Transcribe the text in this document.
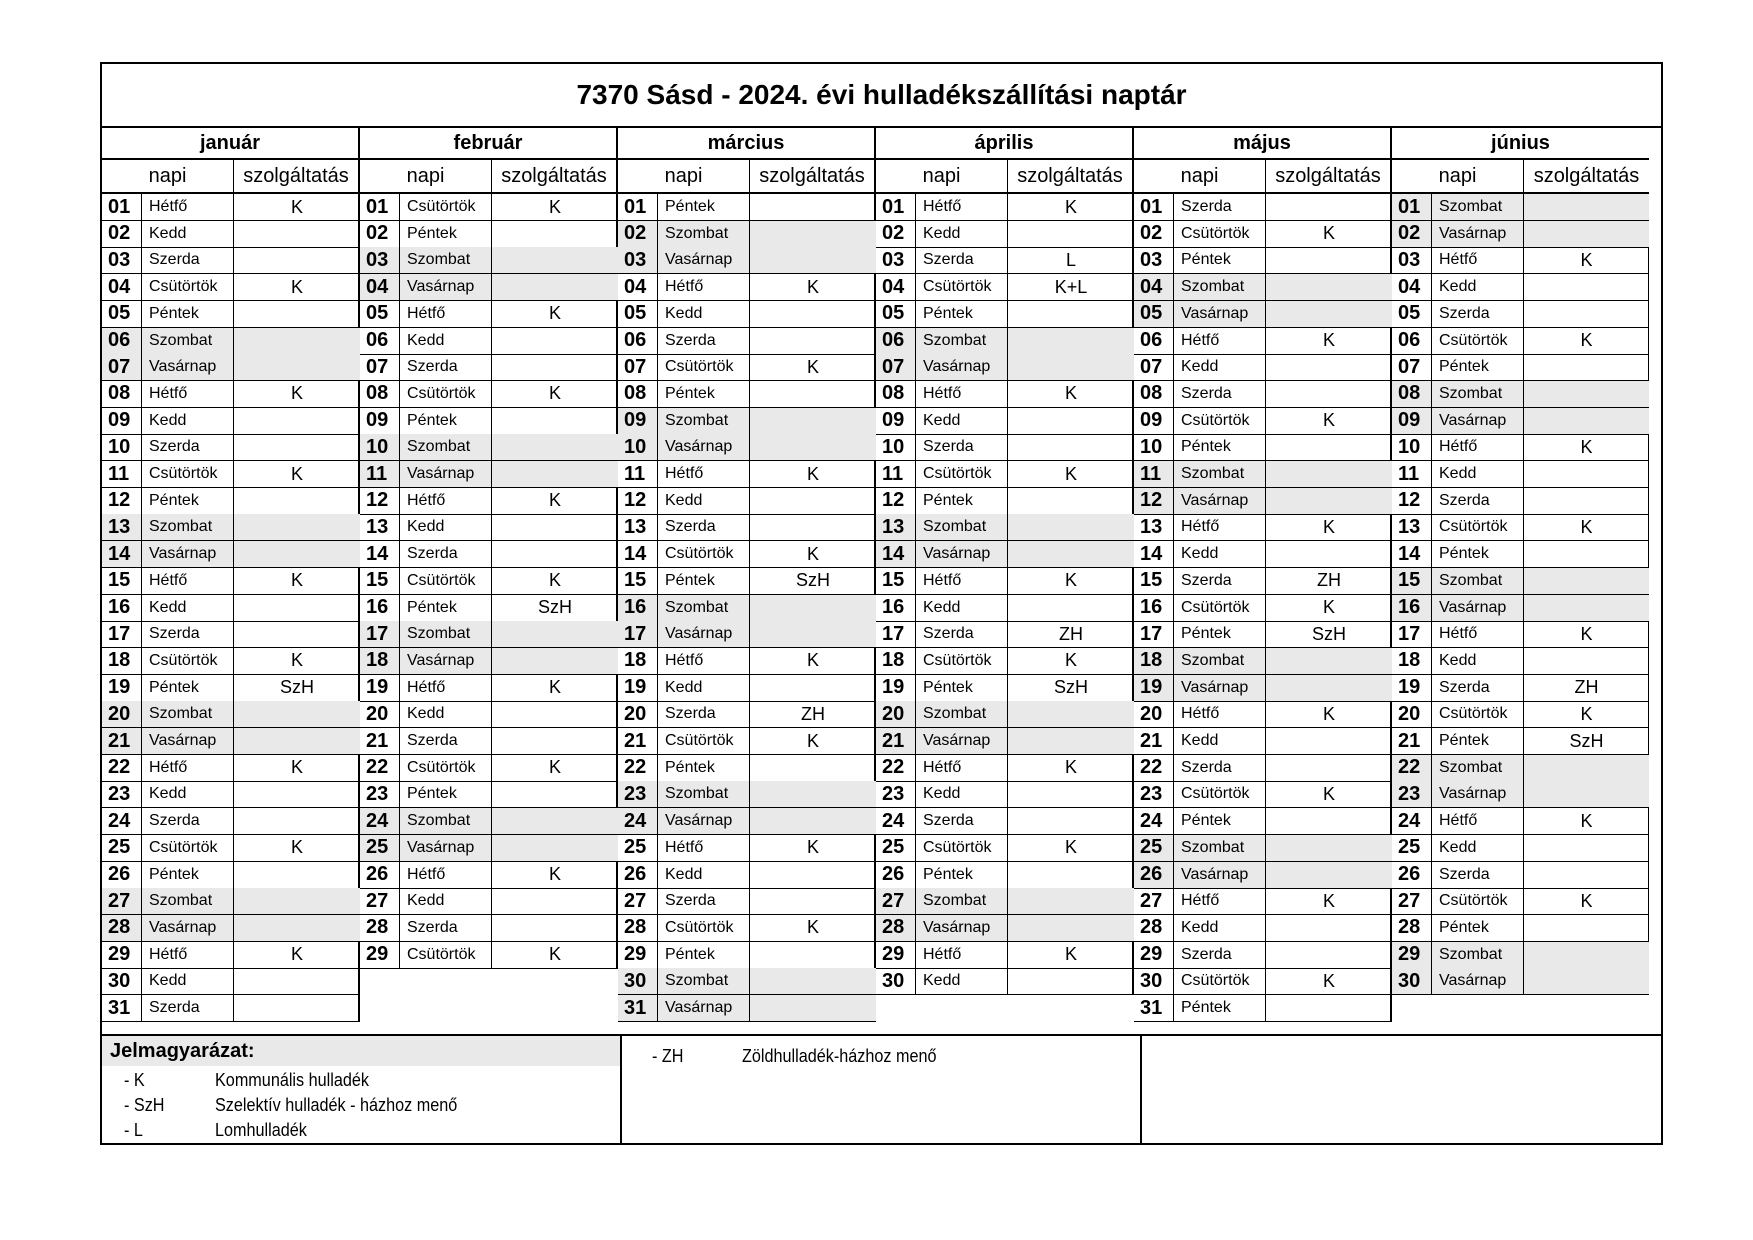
7370 Sásd - 2024. évi hulladékszállítási naptár
január
napi	szolgáltatás
01	Hétfő	K
02	Kedd
03	Szerda
04	Csütörtök	K
05	Péntek
06	Szombat
07	Vasárnap
08	Hétfő	K
09	Kedd
10	Szerda
11	Csütörtök	K
12	Péntek
13	Szombat
14	Vasárnap
15	Hétfő	K
16	Kedd
17	Szerda
18	Csütörtök	K
19	Péntek	SzH
20	Szombat
21	Vasárnap
22	Hétfő	K
23	Kedd
24	Szerda
25	Csütörtök	K
26	Péntek
27	Szombat
28	Vasárnap
29	Hétfő	K
30	Kedd
31	Szerda
február
napi	szolgáltatás
01	Csütörtök	K
02	Péntek
03	Szombat
04	Vasárnap
05	Hétfő	K
06	Kedd
07	Szerda
08	Csütörtök	K
09	Péntek
10	Szombat
11	Vasárnap
12	Hétfő	K
13	Kedd
14	Szerda
15	Csütörtök	K
16	Péntek	SzH
17	Szombat
18	Vasárnap
19	Hétfő	K
20	Kedd
21	Szerda
22	Csütörtök	K
23	Péntek
24	Szombat
25	Vasárnap
26	Hétfő	K
27	Kedd
28	Szerda
29	Csütörtök	K
március
napi	szolgáltatás
01	Péntek
02	Szombat
03	Vasárnap
04	Hétfő	K
05	Kedd
06	Szerda
07	Csütörtök	K
08	Péntek
09	Szombat
10	Vasárnap
11	Hétfő	K
12	Kedd
13	Szerda
14	Csütörtök	K
15	Péntek	SzH
16	Szombat
17	Vasárnap
18	Hétfő	K
19	Kedd
20	Szerda	ZH
21	Csütörtök	K
22	Péntek
23	Szombat
24	Vasárnap
25	Hétfő	K
26	Kedd
27	Szerda
28	Csütörtök	K
29	Péntek
30	Szombat
31	Vasárnap
április
napi	szolgáltatás
01	Hétfő	K
02	Kedd
03	Szerda	L
04	Csütörtök	K+L
05	Péntek
06	Szombat
07	Vasárnap
08	Hétfő	K
09	Kedd
10	Szerda
11	Csütörtök	K
12	Péntek
13	Szombat
14	Vasárnap
15	Hétfő	K
16	Kedd
17	Szerda	ZH
18	Csütörtök	K
19	Péntek	SzH
20	Szombat
21	Vasárnap
22	Hétfő	K
23	Kedd
24	Szerda
25	Csütörtök	K
26	Péntek
27	Szombat
28	Vasárnap
29	Hétfő	K
30	Kedd
május
napi	szolgáltatás
01	Szerda
02	Csütörtök	K
03	Péntek
04	Szombat
05	Vasárnap
06	Hétfő	K
07	Kedd
08	Szerda
09	Csütörtök	K
10	Péntek
11	Szombat
12	Vasárnap
13	Hétfő	K
14	Kedd
15	Szerda	ZH
16	Csütörtök	K
17	Péntek	SzH
18	Szombat
19	Vasárnap
20	Hétfő	K
21	Kedd
22	Szerda
23	Csütörtök	K
24	Péntek
25	Szombat
26	Vasárnap
27	Hétfő	K
28	Kedd
29	Szerda
30	Csütörtök	K
31	Péntek
június
napi	szolgáltatás
01	Szombat
02	Vasárnap
03	Hétfő	K
04	Kedd
05	Szerda
06	Csütörtök	K
07	Péntek
08	Szombat
09	Vasárnap
10	Hétfő	K
11	Kedd
12	Szerda
13	Csütörtök	K
14	Péntek
15	Szombat
16	Vasárnap
17	Hétfő	K
18	Kedd
19	Szerda	ZH
20	Csütörtök	K
21	Péntek	SzH
22	Szombat
23	Vasárnap
24	Hétfő	K
25	Kedd
26	Szerda
27	Csütörtök	K
28	Péntek
29	Szombat
30	Vasárnap
Jelmagyarázat:
- K	Kommunális hulladék
- SzH	Szelektív hulladék - házhoz menő
- L	Lomhulladék
- ZH	Zöldhulladék-házhoz menő
